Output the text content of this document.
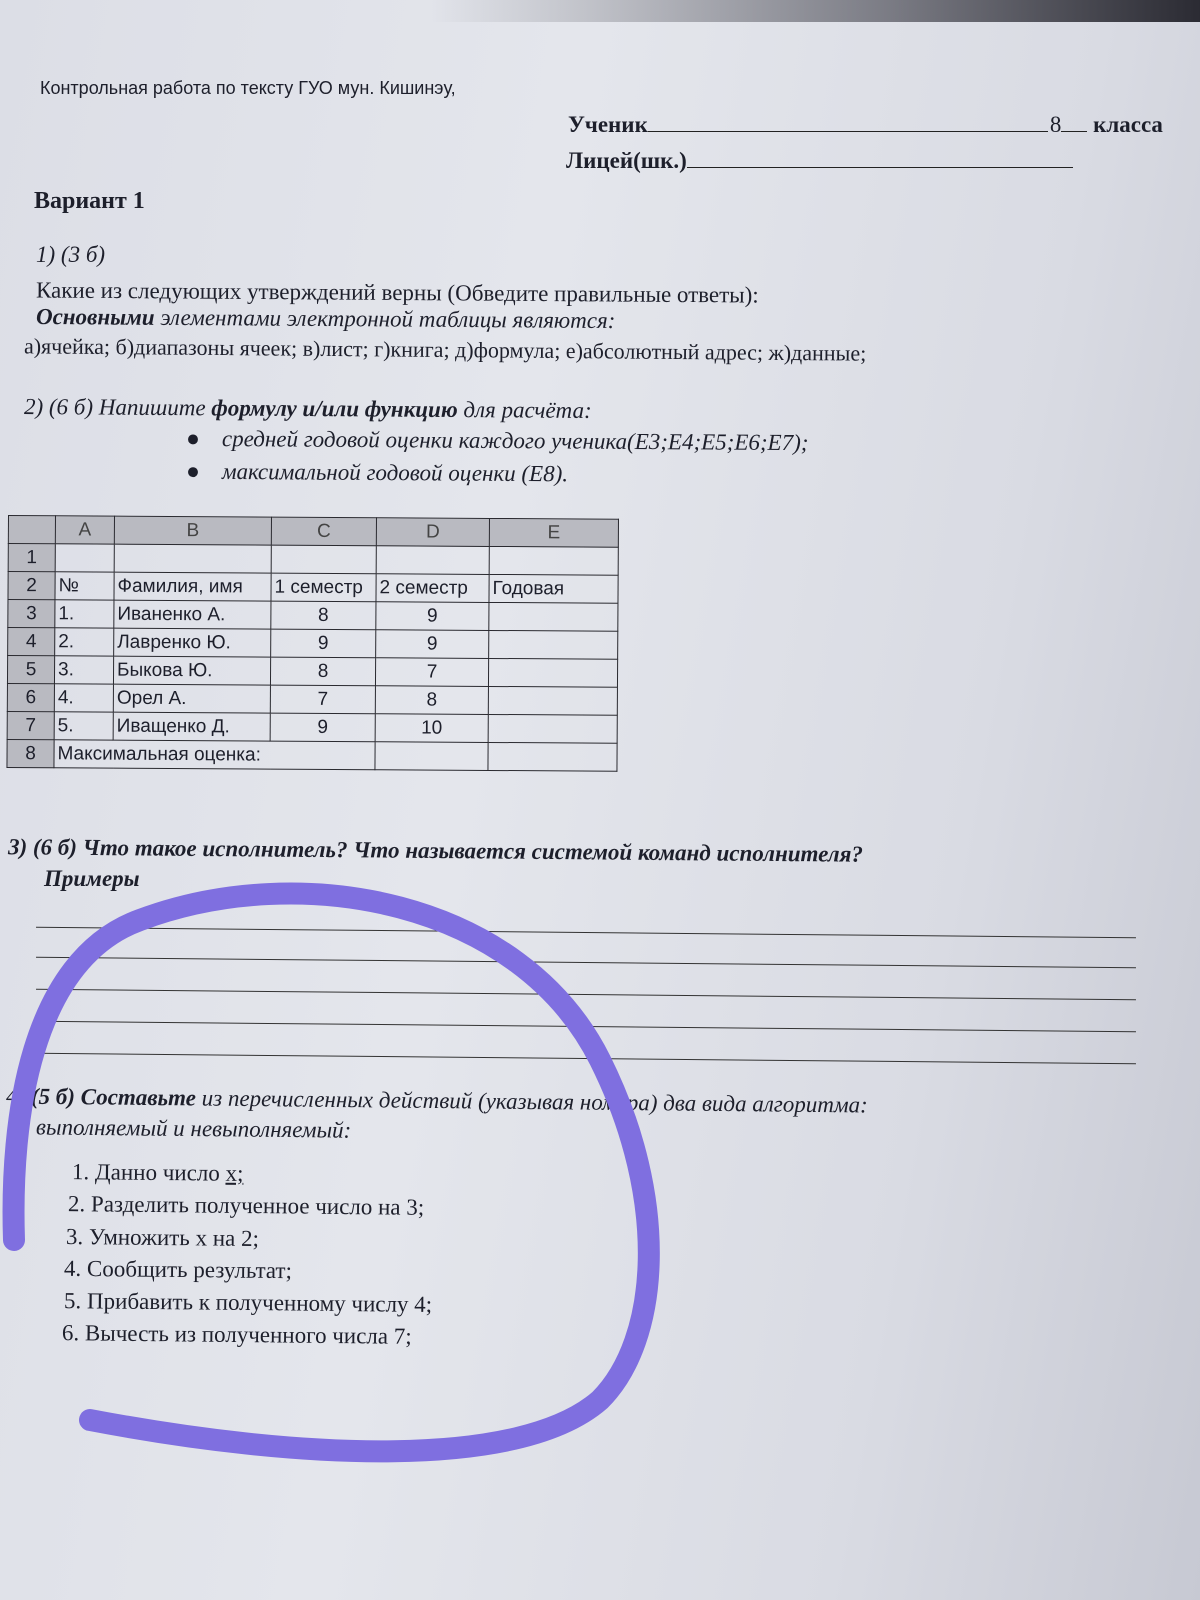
Контрольная работа по тексту ГУО мун. Кишинэу,
Ученик	8 класса
Лицей(шк.)
Вариант 1
1) (3 б)
Какие из следующих утверждений верны (Обведите правильные ответы):
Основными элементами электронной таблицы являются:
а)ячейка; б)диапазоны ячеек; в)лист; г)книга; д)формула; е)абсолютный адрес; ж)данные;
2) (6 б) Напишите формулу и/или функцию для расчёта:
● средней годовой оценки каждого ученика(E3;E4;E5;E6;E7);
● максимальной годовой оценки (E8).
	A	B	C	D	E
1					
2	№	Фамилия, имя	1 семестр	2 семестр	Годовая
3	1.	Иваненко А.	8	9	
4	2.	Лавренко Ю.	9	9	
5	3.	Быкова Ю.	8	7	
6	4.	Орел А.	7	8	
7	5.	Иващенко Д.	9	10	
8	Максимальная оценка:				
3) (6 б) Что такое исполнитель? Что называется системой команд исполнителя?
Примеры
4) (5 б) Составьте из перечисленных действий (указывая номера) два вида алгоритма:
выполняемый и невыполняемый:
1. Данно число x;
2. Разделить полученное число на 3;
3. Умножить x на 2;
4. Сообщить результат;
5. Прибавить к полученному числу 4;
6. Вычесть из полученного числа 7;
